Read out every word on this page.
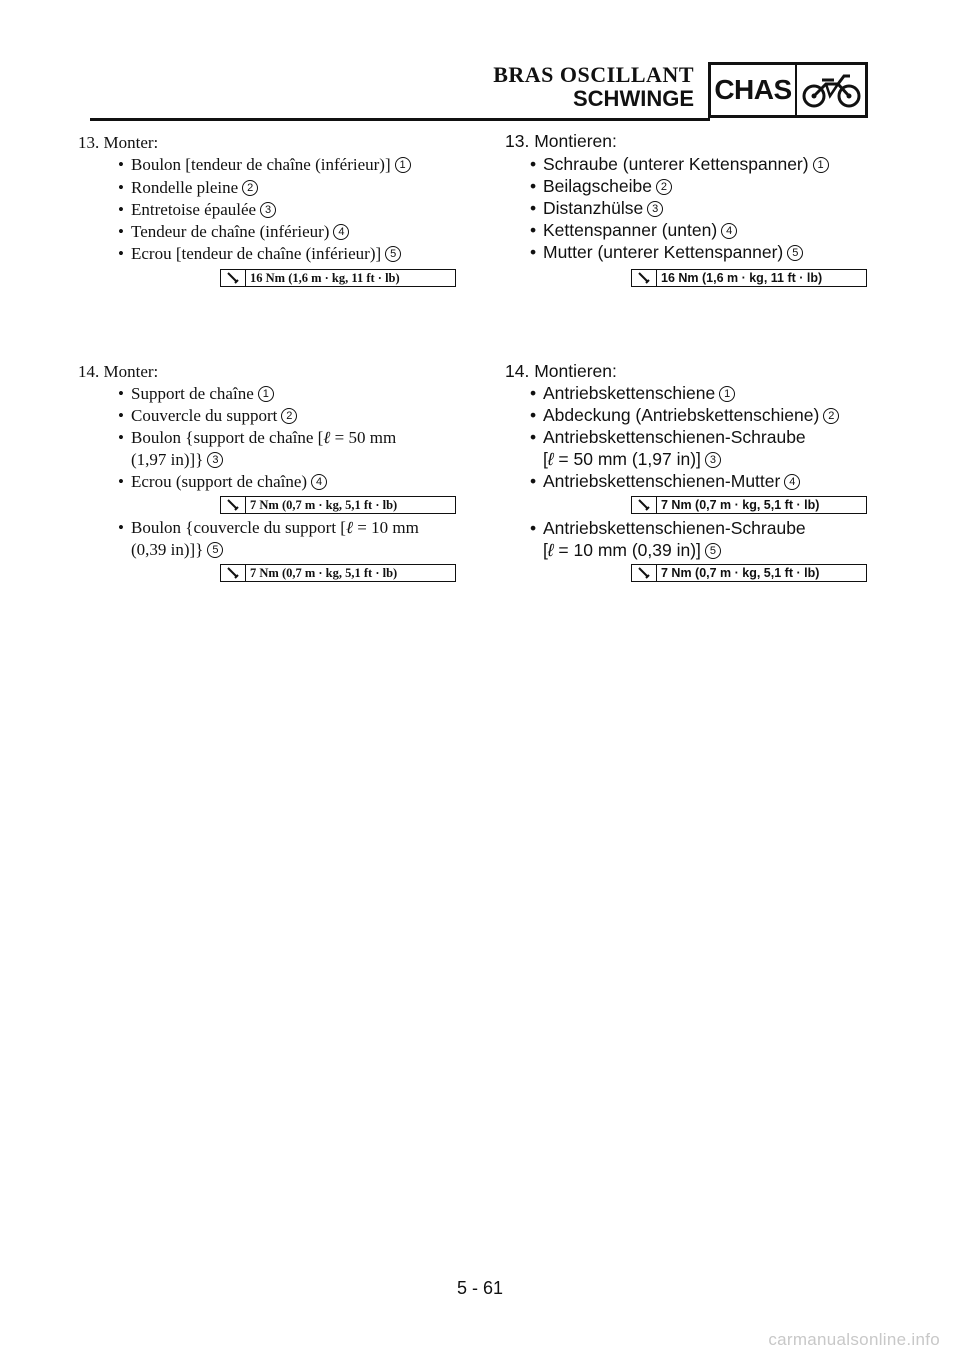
BRAS OSCILLANT
SCHWINGE CHAS
13. Monter:
• Boulon [tendeur de chaîne (inférieur)] 1
• Rondelle pleine 2
• Entretoise épaulée 3
• Tendeur de chaîne (inférieur) 4
• Ecrou [tendeur de chaîne (inférieur)] 5
16 Nm (1,6 m · kg, 11 ft · lb)
14. Monter:
• Support de chaîne 1
• Couvercle du support 2
• Boulon {support de chaîne [ℓ = 50 mm
(1,97 in)]} 3
• Ecrou (support de chaîne) 4
7 Nm (0,7 m · kg, 5,1 ft · lb)
• Boulon {couvercle du support [ℓ = 10 mm
(0,39 in)]} 5
7 Nm (0,7 m · kg, 5,1 ft · lb)
13. Montieren:
• Schraube (unterer Kettenspanner) 1
• Beilagscheibe 2
• Distanzhülse 3
• Kettenspanner (unten) 4
• Mutter (unterer Kettenspanner) 5
16 Nm (1,6 m · kg, 11 ft · lb)
14. Montieren:
• Antriebskettenschiene 1
• Abdeckung (Antriebskettenschiene) 2
• Antriebskettenschienen-Schraube
[ℓ = 50 mm (1,97 in)] 3
• Antriebskettenschienen-Mutter 4
7 Nm (0,7 m · kg, 5,1 ft · lb)
• Antriebskettenschienen-Schraube
[ℓ = 10 mm (0,39 in)] 5
7 Nm (0,7 m · kg, 5,1 ft · lb)
5 - 61
carmanualsonline.info
